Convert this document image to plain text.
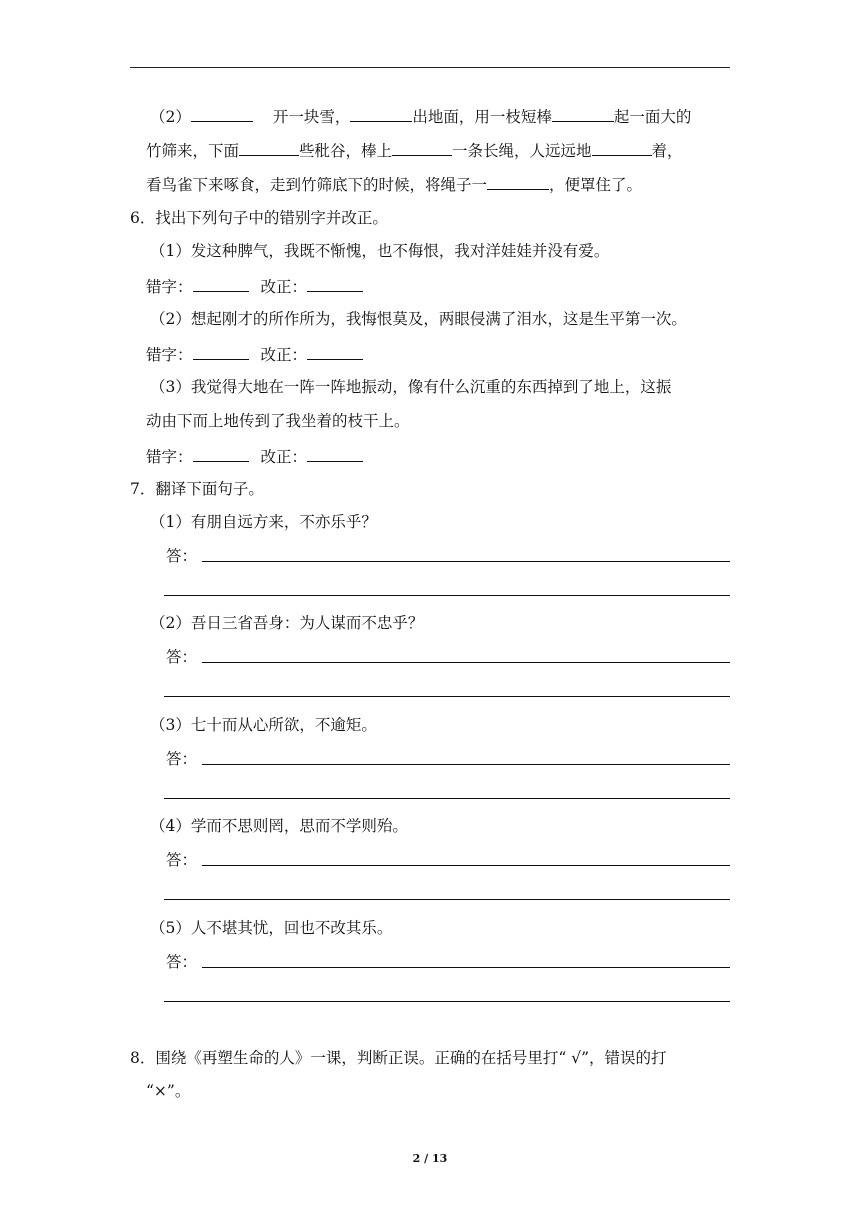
（2）	开一块雪，	出地面，用一枝短棒	起一面大的
竹筛来，下面	些秕谷，棒上	一条长绳，人远远地	着，
看鸟雀下来啄食，走到竹筛底下的时候，将绳子一	，便罩住了。
6．找出下列句子中的错别字并改正。
（1）发这种脾气，我既不惭愧，也不侮恨，我对洋娃娃并没有爱。
错字：	改正：
（2）想起刚才的所作所为，我悔恨莫及，两眼侵满了泪水，这是生平第一次。
错字：	改正：
（3）我觉得大地在一阵一阵地振动，像有什么沉重的东西掉到了地上，这振
动由下而上地传到了我坐着的枝干上。
错字：	改正：
7．翻译下面句子。
（1）有朋自远方来，不亦乐乎？
答：
（2）吾日三省吾身：为人谋而不忠乎？
答：
（3）七十而从心所欲，不逾矩。
答：
（4）学而不思则罔，思而不学则殆。
答：
（5）人不堪其忧，回也不改其乐。
答：
8．围绕《再塑生命的人》一课，判断正误。正确的在括号里打“ √”，错误的打
“×”。
2 / 13
